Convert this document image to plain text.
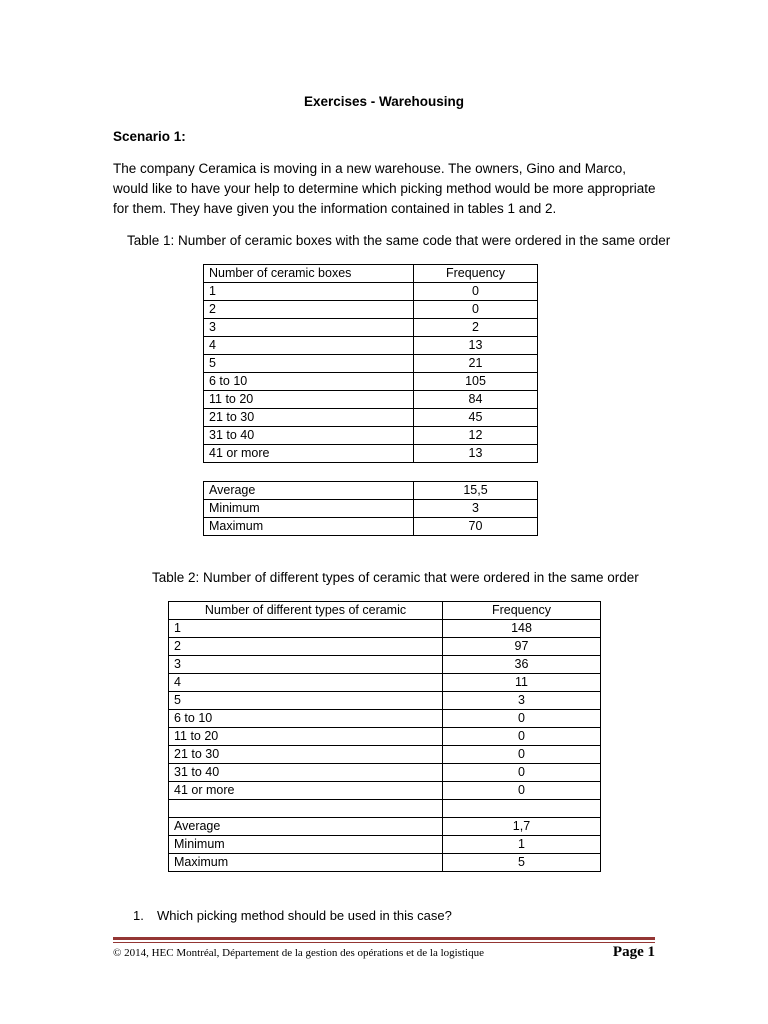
Exercises - Warehousing
Scenario 1:
The company Ceramica is moving in a new warehouse. The owners, Gino and Marco, would like to have your help to determine which picking method would be more appropriate for them. They have given you the information contained in tables 1 and 2.
Table 1: Number of ceramic boxes with the same code that were ordered in the same order
Number of ceramic boxes	Frequency
1	0
2	0
3	2
4	13
5	21
6 to 10	105
11 to 20	84
21 to 30	45
31 to 40	12
41 or more	13
Average	15,5
Minimum	3
Maximum	70
Table 2: Number of different types of ceramic that were ordered in the same order
Number of different types of ceramic	Frequency
1	148
2	97
3	36
4	11
5	3
6 to 10	0
11 to 20	0
21 to 30	0
31 to 40	0
41 or more	0

Average	1,7
Minimum	1
Maximum	5
1. Which picking method should be used in this case?
© 2014, HEC Montréal, Département de la gestion des opérations et de la logistique	Page 1
